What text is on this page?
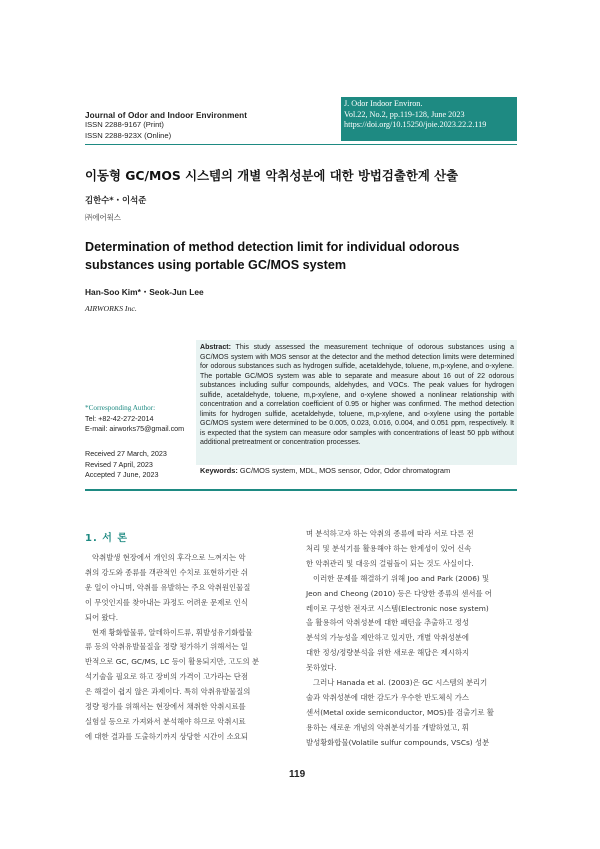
Journal of Odor and Indoor Environment
ISSN 2288-9167 (Print)
ISSN 2288-923X (Online)
J. Odor Indoor Environ.
Vol.22, No.2, pp.119-128, June 2023
https://doi.org/10.15250/joie.2023.22.2.119
이동형 GC/MOS 시스템의 개별 악취성분에 대한 방법검출한계 산출
김한수*・이석준
㈜에어웍스
Determination of method detection limit for individual odorous substances using portable GC/MOS system
Han-Soo Kim*・Seok-Jun Lee
AIRWORKS Inc.
*Corresponding Author:
Tel: +82-42-272-2014
E-mail: airworks75@gmail.com
Received 27 March, 2023
Revised 7 April, 2023
Accepted 7 June, 2023
Abstract: This study assessed the measurement technique of odorous substances using a GC/MOS system with MOS sensor at the detector and the method detection limits were determined for odorous substances such as hydrogen sulfide, acetaldehyde, toluene, m,p-xylene, and o-xylene. The portable GC/MOS system was able to separate and measure about 16 out of 22 odorous substances including sulfur compounds, aldehydes, and VOCs. The peak values for hydrogen sulfide, acetaldehyde, toluene, m,p-xylene, and o-xylene showed a nonlinear relationship with concentration and a correlation coefficient of 0.95 or higher was confirmed. The method detection limits for hydrogen sulfide, acetaldehyde, toluene, m,p-xylene, and o-xylene using the portable GC/MOS system were determined to be 0.005, 0.023, 0.016, 0.004, and 0.051 ppm, respectively. It is expected that the system can measure odor samples with concentrations of least 50 ppb without additional pretreatment or concentration processes.
Keywords: GC/MOS system, MDL, MOS sensor, Odor, Odor chromatogram
1. 서 론
악취발생 현장에서 개인의 후각으로 느껴지는 악
취의 강도와 종류를 객관적인 수치로 표현하기란 쉬
운 일이 아니며, 악취를 유발하는 주요 악취원인물질
이 무엇인지를 찾아내는 과정도 어려운 문제로 인식
되어 왔다.
현재 황화합물류, 알데하이드류, 휘발성유기화합물
류 등의 악취유발물질을 정량 평가하기 위해서는 일
반적으로 GC, GC/MS, LC 등이 활용되지만, 고도의 분
석기술을 필요로 하고 장비의 가격이 고가라는 단점
은 해결이 쉽지 않은 과제이다. 특히 악취유발물질의
정량 평가를 위해서는 현장에서 채취한 악취시료를
실험실 등으로 가져와서 분석해야 하므로 악취시료
에 대한 결과를 도출하기까지 상당한 시간이 소요되
며 분석하고자 하는 악취의 종류에 따라 서로 다른 전
처리 및 분석기를 활용해야 하는 한계성이 있어 신속
한 악취관리 및 대응의 걸림돌이 되는 것도 사실이다.
이러한 문제를 해결하기 위해 Joo and Park (2006) 및
Jeon and Cheong (2010) 등은 다양한 종류의 센서를 어
레이로 구성한 전자코 시스템(Electronic nose system)
을 활용하여 악취성분에 대한 패턴을 추출하고 정성
분석의 가능성을 제안하고 있지만, 개별 악취성분에
대한 정성/정량분석을 위한 새로운 해답은 제시하지
못하였다.
그러나 Hanada et al. (2003)은 GC 시스템의 분리기
술과 악취성분에 대한 감도가 우수한 반도체식 가스
센서(Metal oxide semiconductor, MOS)를 검출기로 활
용하는 새로운 개념의 악취분석기를 개발하였고, 휘
발성황화합물(Volatile sulfur compounds, VSCs) 성분
119
